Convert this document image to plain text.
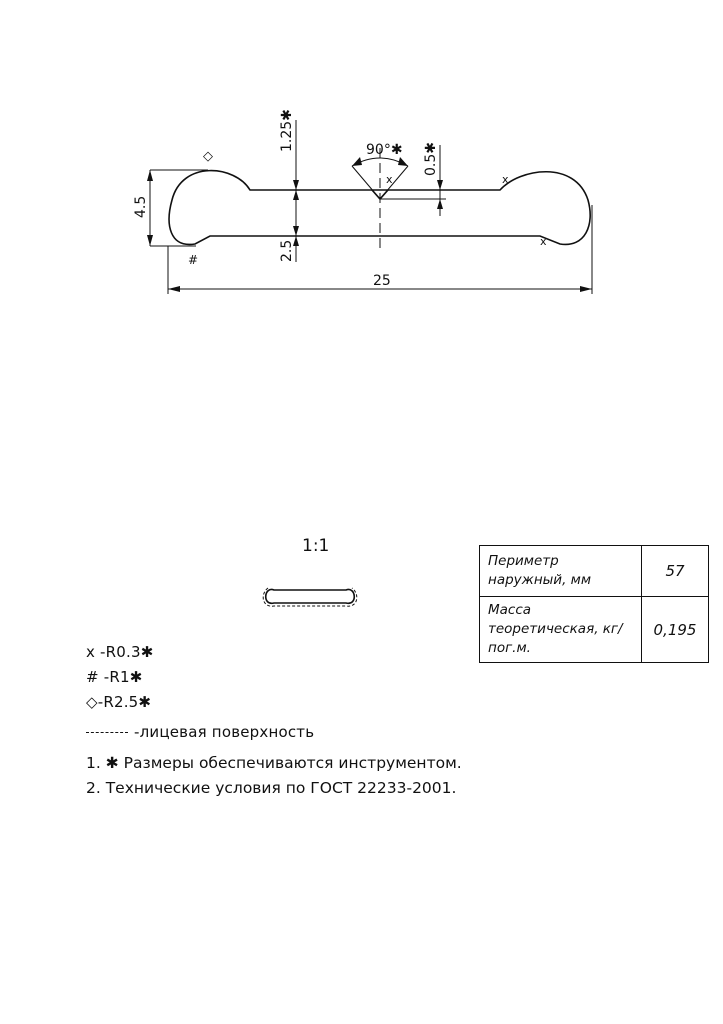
90°✱
1.25✱
0.5✱
4.5
2.5
25
x	x
x
#
◇
1:1
x -R0.3✱
# -R1✱
◇-R2.5✱
-лицевая поверхность
1. ✱ Размеры обеспечиваются инструментом.
2. Технические условия по ГОСТ 22233-2001.
Периметр наружный, мм	57
Масса теоретическая, кг/пог.м.	0,195
